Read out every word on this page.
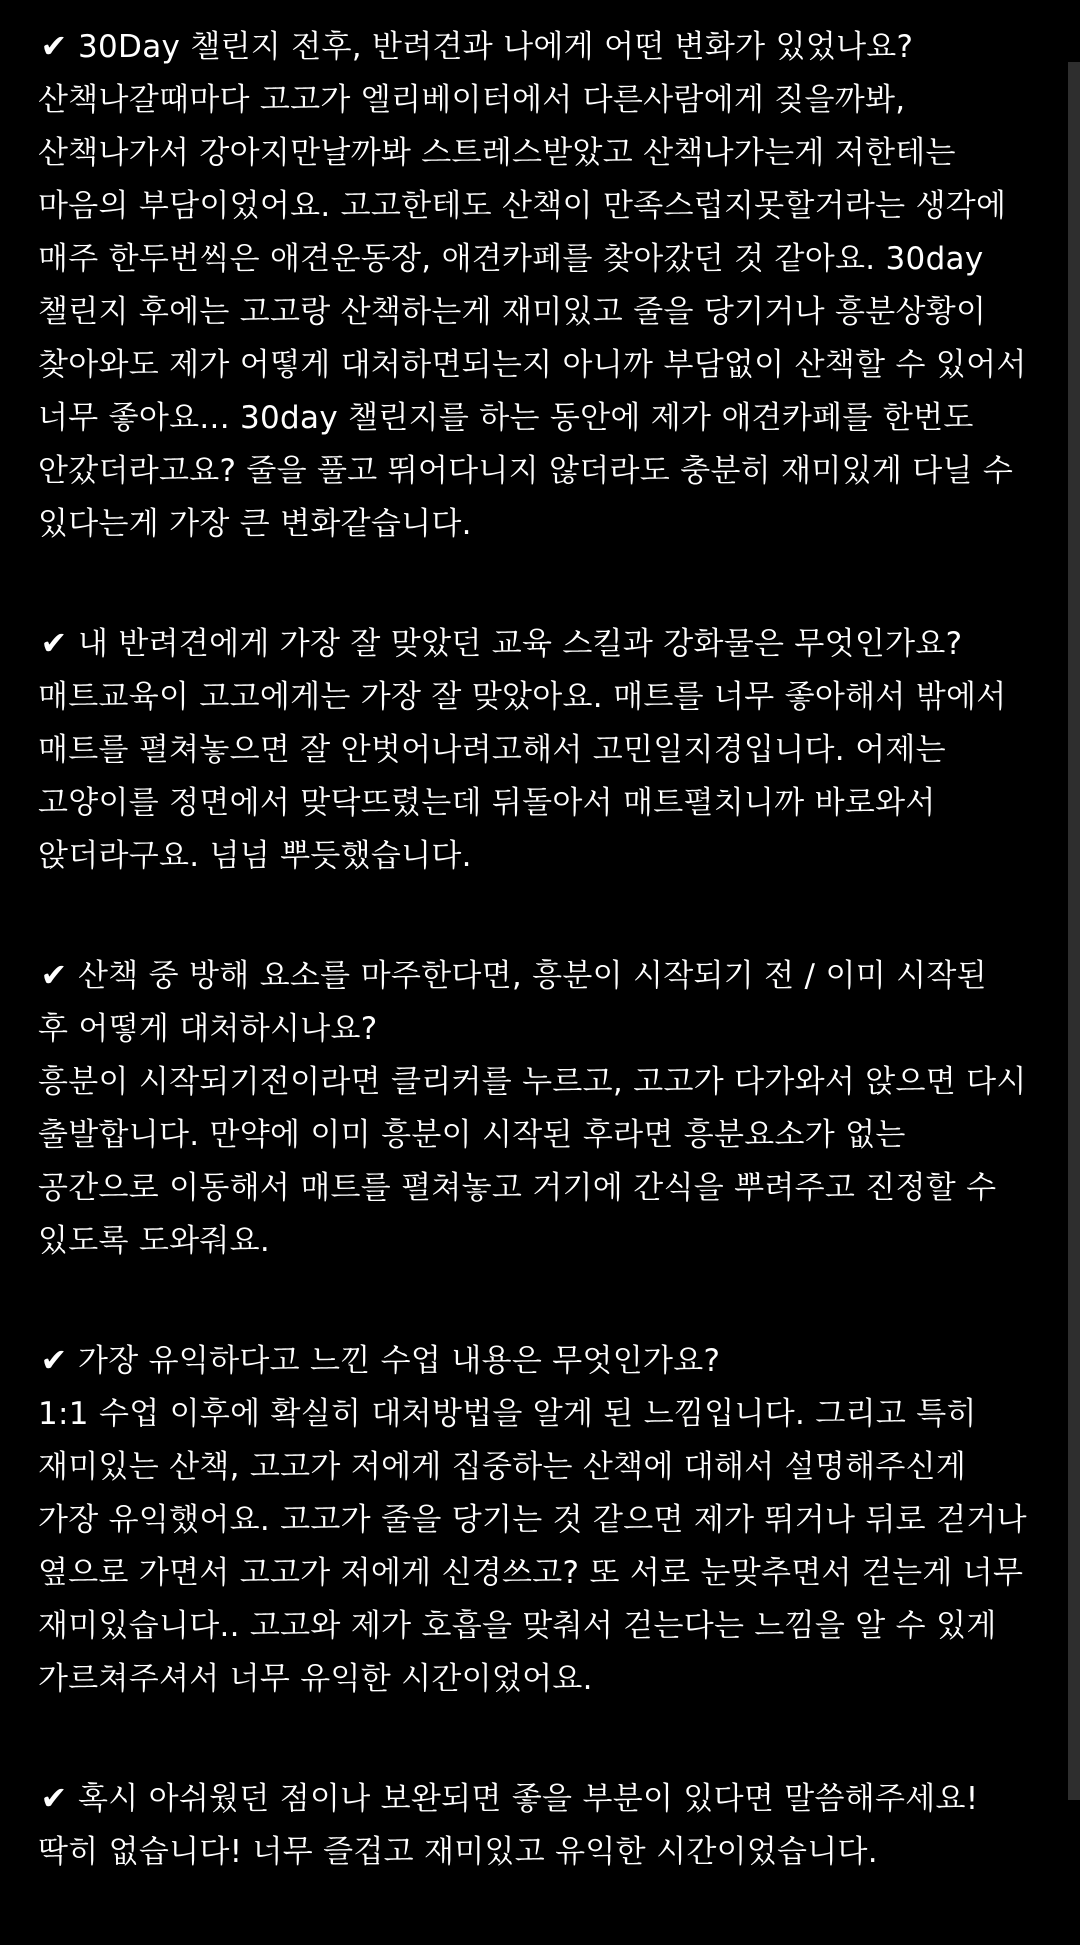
✔ 30Day 챌린지 전후, 반려견과 나에게 어떤 변화가 있었나요?
산책나갈때마다 고고가 엘리베이터에서 다른사람에게 짖을까봐,
산책나가서 강아지만날까봐 스트레스받았고 산책나가는게 저한테는
마음의 부담이었어요. 고고한테도 산책이 만족스럽지못할거라는 생각에
매주 한두번씩은 애견운동장, 애견카페를 찾아갔던 것 같아요. 30day
챌린지 후에는 고고랑 산책하는게 재미있고 줄을 당기거나 흥분상황이
찾아와도 제가 어떻게 대처하면되는지 아니까 부담없이 산책할 수 있어서
너무 좋아요... 30day 챌린지를 하는 동안에 제가 애견카페를 한번도
안갔더라고요? 줄을 풀고 뛰어다니지 않더라도 충분히 재미있게 다닐 수
있다는게 가장 큰 변화같습니다.
✔ 내 반려견에게 가장 잘 맞았던 교육 스킬과 강화물은 무엇인가요?
매트교육이 고고에게는 가장 잘 맞았아요. 매트를 너무 좋아해서 밖에서
매트를 펼쳐놓으면 잘 안벗어나려고해서 고민일지경입니다. 어제는
고양이를 정면에서 맞닥뜨렸는데 뒤돌아서 매트펼치니까 바로와서
앉더라구요. 넘넘 뿌듯했습니다.
✔ 산책 중 방해 요소를 마주한다면, 흥분이 시작되기 전 / 이미 시작된
후 어떻게 대처하시나요?
흥분이 시작되기전이라면 클리커를 누르고, 고고가 다가와서 앉으면 다시
출발합니다. 만약에 이미 흥분이 시작된 후라면 흥분요소가 없는
공간으로 이동해서 매트를 펼쳐놓고 거기에 간식을 뿌려주고 진정할 수
있도록 도와줘요.
✔ 가장 유익하다고 느낀 수업 내용은 무엇인가요?
1:1 수업 이후에 확실히 대처방법을 알게 된 느낌입니다. 그리고 특히
재미있는 산책, 고고가 저에게 집중하는 산책에 대해서 설명해주신게
가장 유익했어요. 고고가 줄을 당기는 것 같으면 제가 뛰거나 뒤로 걷거나
옆으로 가면서 고고가 저에게 신경쓰고? 또 서로 눈맞추면서 걷는게 너무
재미있습니다.. 고고와 제가 호흡을 맞춰서 걷는다는 느낌을 알 수 있게
가르쳐주셔서 너무 유익한 시간이었어요.
✔ 혹시 아쉬웠던 점이나 보완되면 좋을 부분이 있다면 말씀해주세요!
딱히 없습니다! 너무 즐겁고 재미있고 유익한 시간이었습니다.
